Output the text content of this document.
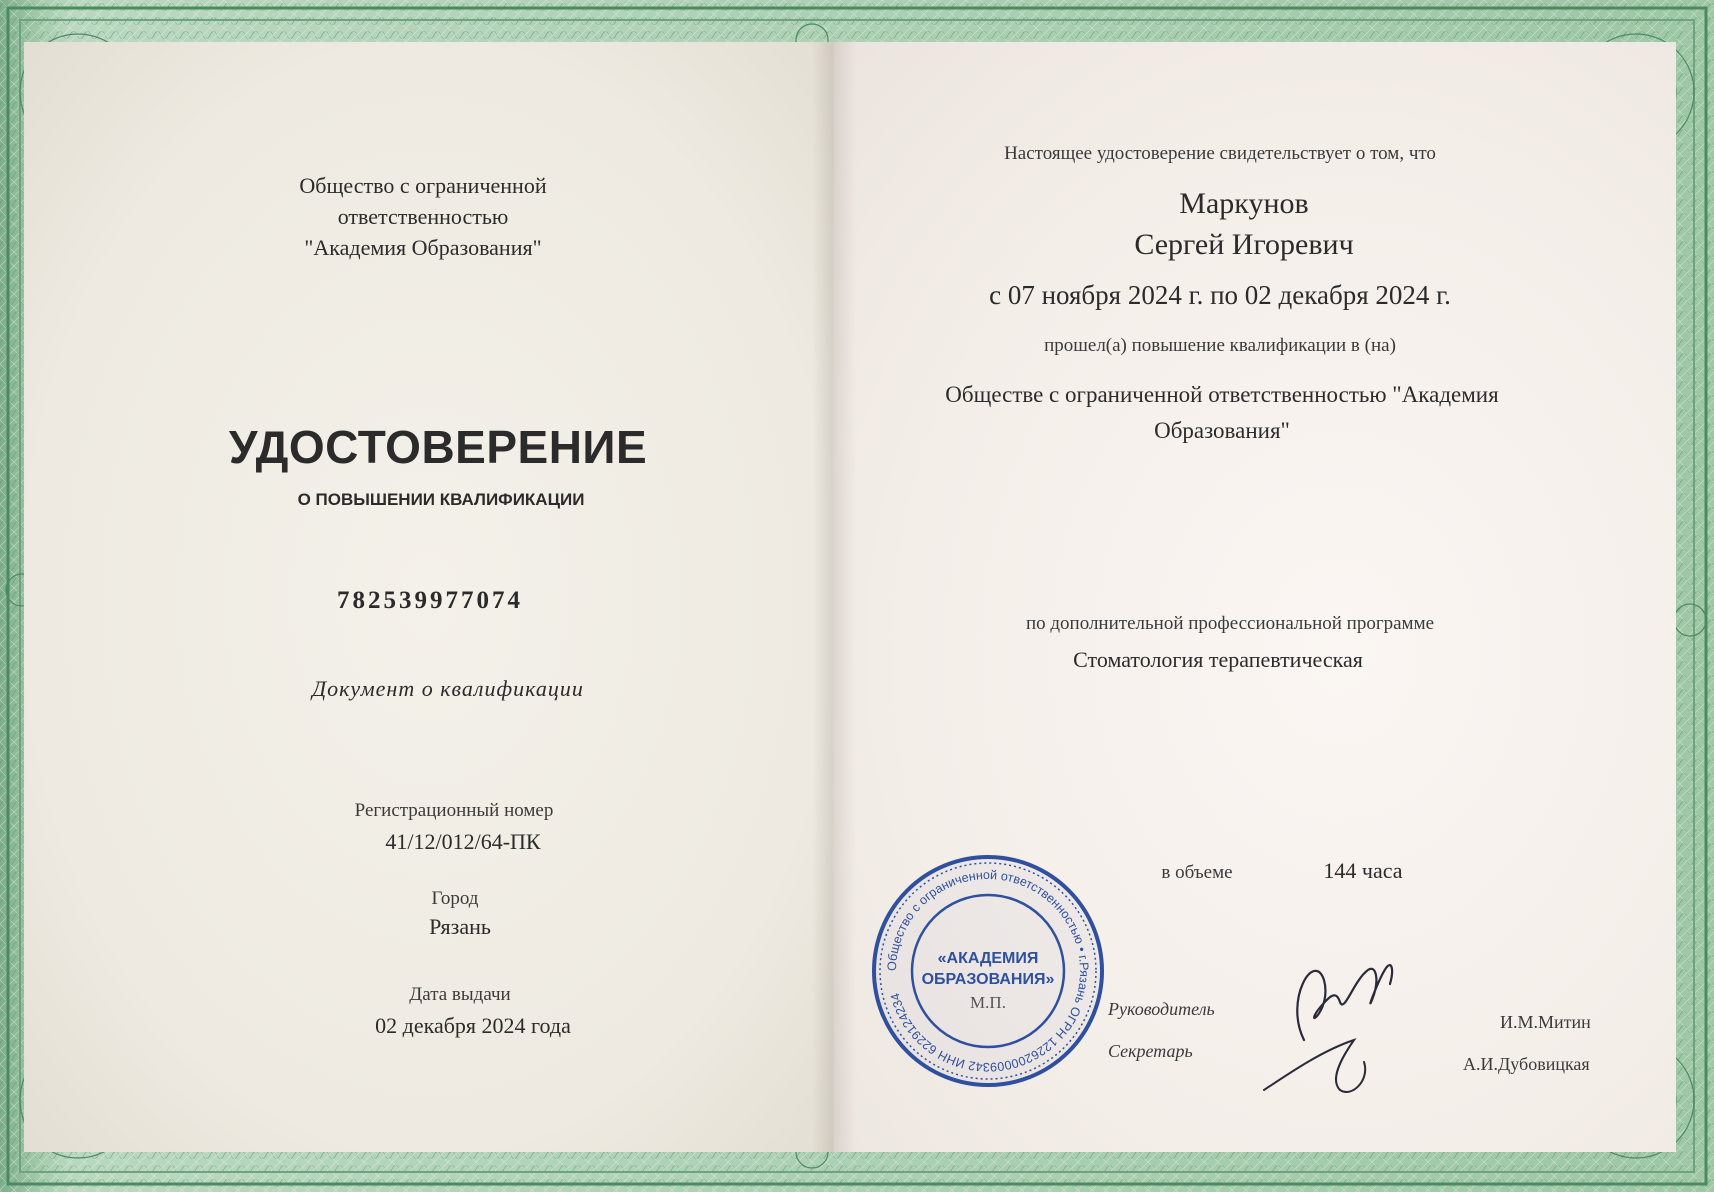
Общество с ограниченной
ответственностью
"Академия Образования"
УДОСТОВЕРЕНИЕ
О ПОВЫШЕНИИ КВАЛИФИКАЦИИ
782539977074
Документ о квалификации
Регистрационный номер
41/12/012/64-ПК
Город
Рязань
Дата выдачи
02 декабря 2024 года
Настоящее удостоверение свидетельствует о том, что
Маркунов
Сергей Игоревич
с 07 ноября 2024 г. по 02 декабря 2024 г.
прошел(а) повышение квалификации в (на)
Обществе с ограниченной ответственностью "Академия
Образования"
по дополнительной профессиональной программе
Стоматология терапевтическая
в объеме	144 часа
Руководитель
Секретарь
И.М.Митин
А.И.Дубовицкая
Общество с ограниченной ответственностью • г.Рязань ОГРН 1226200009342 ИНН 6229124234
«АКАДЕМИЯ
ОБРАЗОВАНИЯ»
М.П.
